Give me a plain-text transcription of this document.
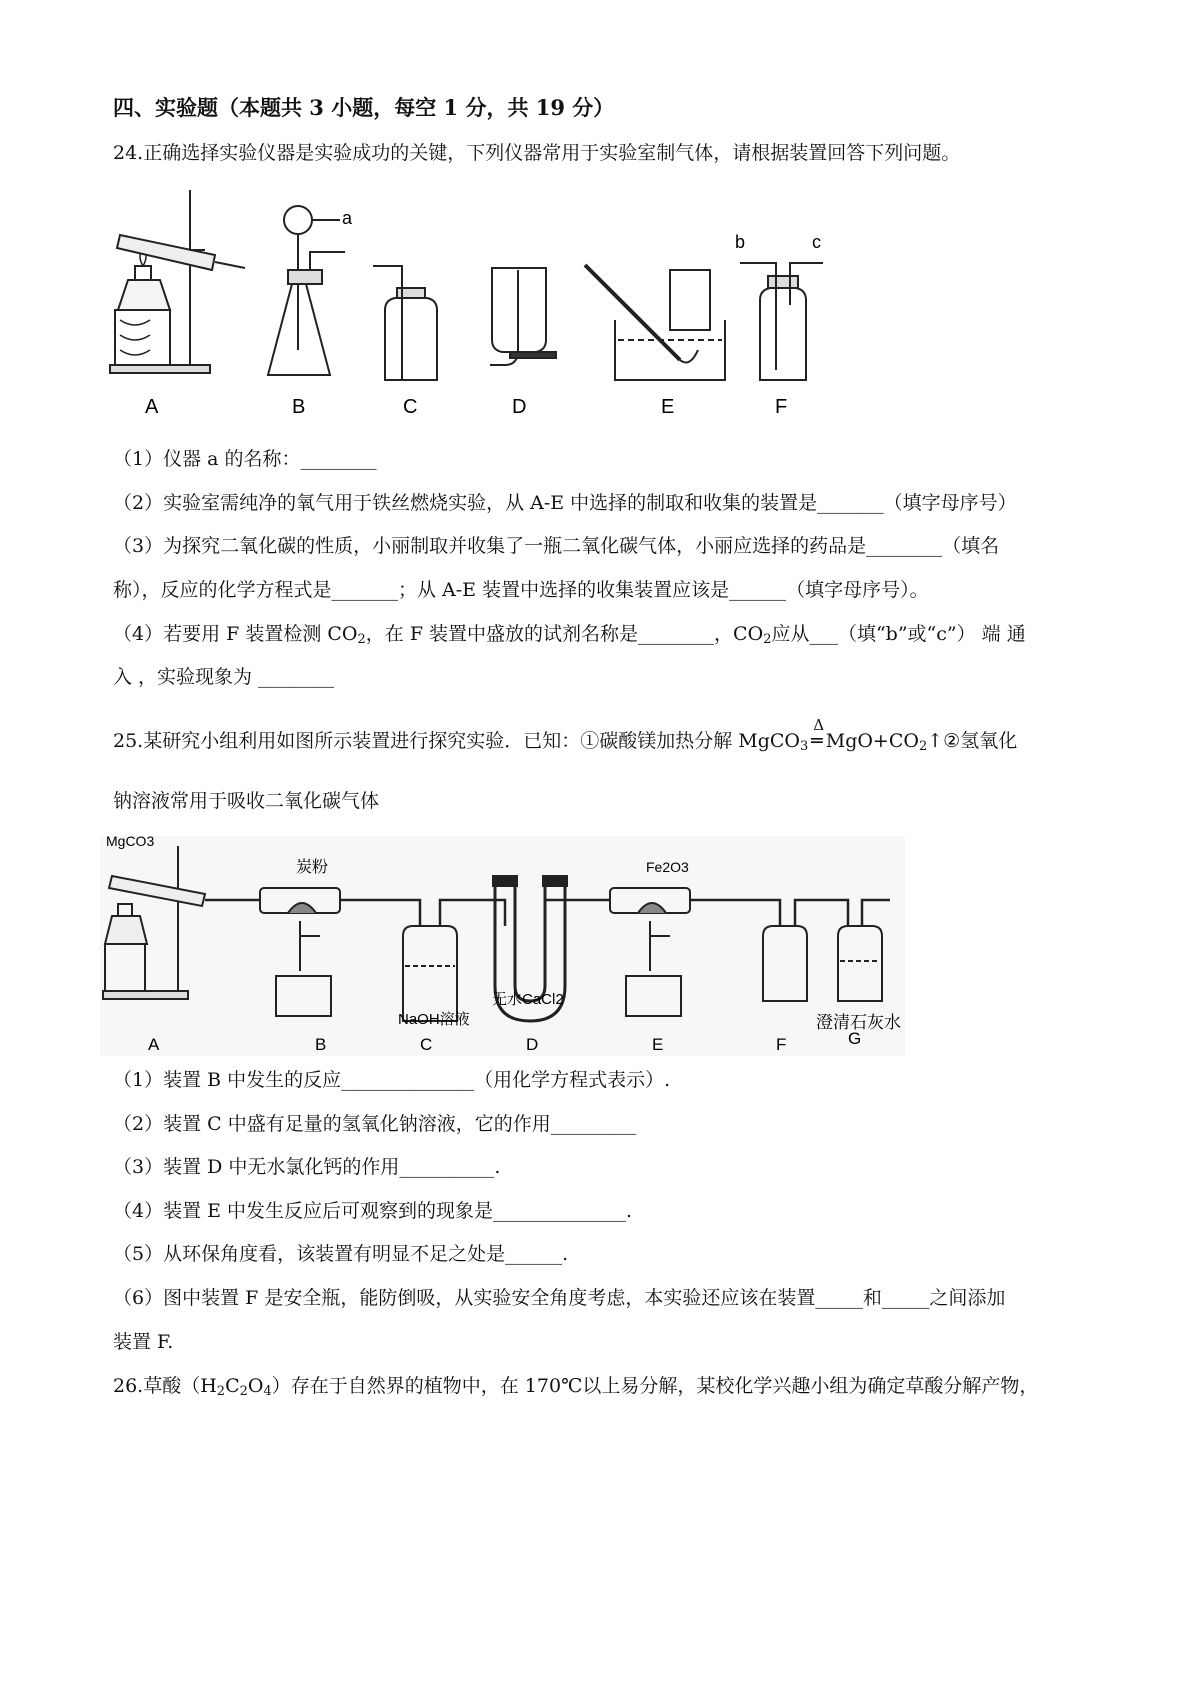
四、实验题（本题共 3 小题，每空 1 分，共 19 分）
24.正确选择实验仪器是实验成功的关键，下列仪器常用于实验室制气体，请根据装置回答下列问题。
a
b	c
A	B	C	D	E	F
（1）仪器 a 的名称：________
（2）实验室需纯净的氧气用于铁丝燃烧实验，从 A-E 中选择的制取和收集的装置是_______（填字母序号）
（3）为探究二氧化碳的性质，小丽制取并收集了一瓶二氧化碳气体，小丽应选择的药品是________（填名
称），反应的化学方程式是_______；从 A-E 装置中选择的收集装置应该是______（填字母序号）。
（4）若要用 F 装置检测 $CO_2$，在 F 装置中盛放的试剂名称是________，$CO_2$应从___（填“b”或“c”） 端 通
入 ，实验现象为 ________
25.某研究小组利用如图所示装置进行探究实验．已知：①碳酸镁加热分解 MgCO$_3$
Δ
═ $MgO+CO_2↑②$氢氧化
钠溶液常用于吸收二氧化碳气体
MgCO3
炭粉	Fe2O3
NaOH溶液
无水CaCl2
澄清石灰水
A	B	C	D	E	F	G
（1）装置 B 中发生的反应______________（用化学方程式表示）.
（2）装置 C 中盛有足量的氢氧化钠溶液，它的作用_________
（3）装置 D 中无水氯化钙的作用__________.
（4）装置 E 中发生反应后可观察到的现象是______________.
（5）从环保角度看，该装置有明显不足之处是______.
（6）图中装置 F 是安全瓶，能防倒吸，从实验安全角度考虑，本实验还应该在装置_____和_____之间添加
装置 F.
26.草酸$(H_2C_2O_4)$存在于自然界的植物中，在 170℃以上易分解，某校化学兴趣小组为确定草酸分解产物，
